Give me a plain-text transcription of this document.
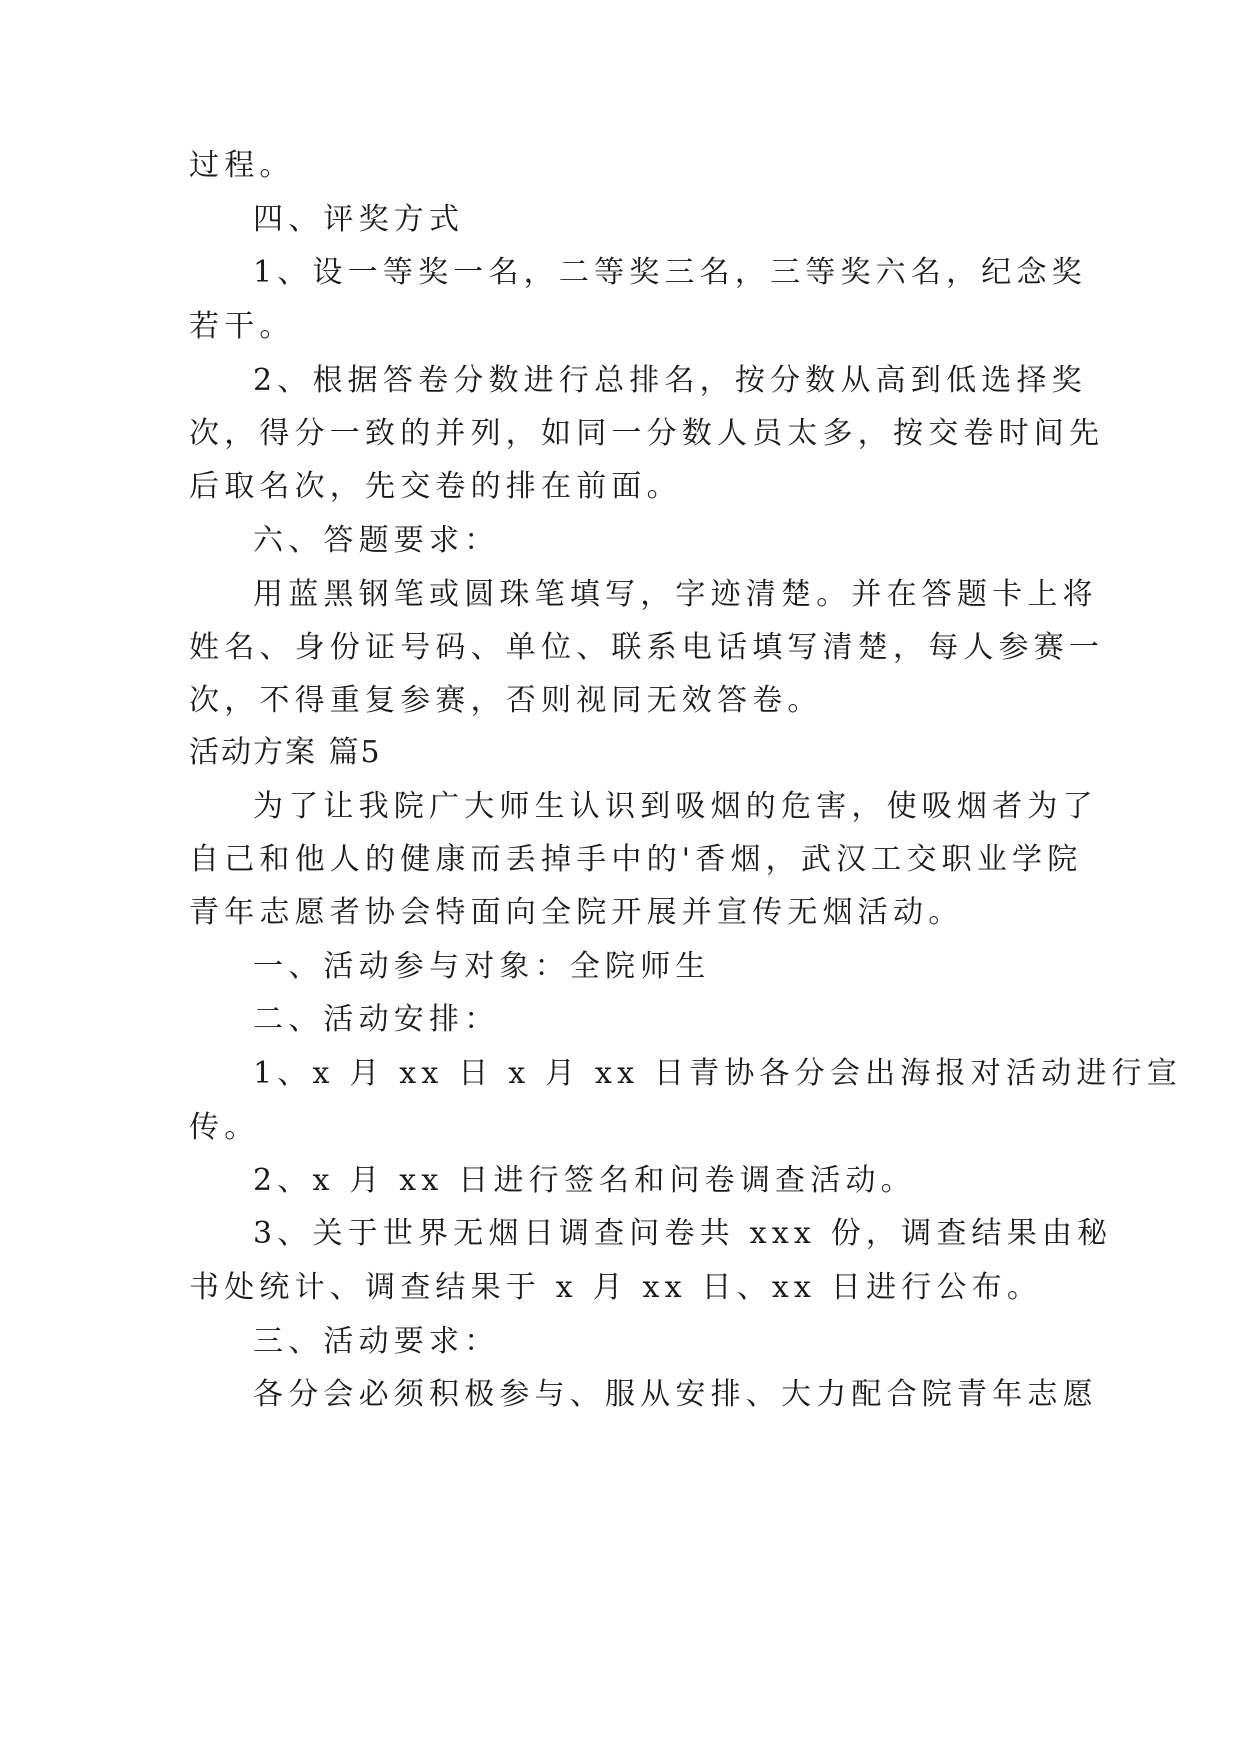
过程。
四、评奖方式
1、设一等奖一名，二等奖三名，三等奖六名，纪念奖
若干。
2、根据答卷分数进行总排名，按分数从高到低选择奖
次，得分一致的并列，如同一分数人员太多，按交卷时间先
后取名次，先交卷的排在前面。
六、答题要求：
用蓝黑钢笔或圆珠笔填写，字迹清楚。并在答题卡上将
姓名、身份证号码、单位、联系电话填写清楚，每人参赛一
次，不得重复参赛，否则视同无效答卷。
活动方案 篇5
为了让我院广大师生认识到吸烟的危害，使吸烟者为了
自己和他人的健康而丢掉手中的'香烟，武汉工交职业学院
青年志愿者协会特面向全院开展并宣传无烟活动。
一、活动参与对象：全院师生
二、活动安排：
1、x 月 xx 日 x 月 xx 日青协各分会出海报对活动进行宣
传。
2、x 月 xx 日进行签名和问卷调查活动。
3、关于世界无烟日调查问卷共 xxx 份，调查结果由秘
书处统计、调查结果于 x 月 xx 日、xx 日进行公布。
三、活动要求：
各分会必须积极参与、服从安排、大力配合院青年志愿
